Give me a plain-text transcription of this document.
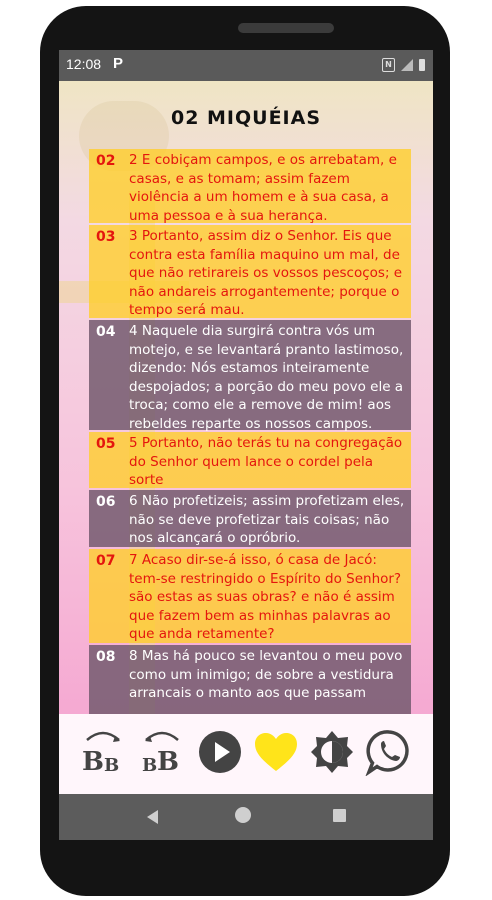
12:08 P	N
02 MIQUÉIAS
02 2 E cobiçam campos, e os arrebatam, e casas, e as tomam; assim fazem violência a um homem e à sua casa, a uma pessoa e à sua herança.
03 3 Portanto, assim diz o Senhor. Eis que contra esta família maquino um mal, de que não retirareis os vossos pescoços; e não andareis arrogantemente; porque o tempo será mau.
04 4 Naquele dia surgirá contra vós um motejo, e se levantará pranto lastimoso, dizendo: Nós estamos inteiramente despojados; a porção do meu povo ele a troca; como ele a remove de mim! aos rebeldes reparte os nossos campos.
05 5 Portanto, não terás tu na congregação do Senhor quem lance o cordel pela sorte
06 6 Não profetizeis; assim profetizam eles, não se deve profetizar tais coisas; não nos alcançará o opróbrio.
07 7 Acaso dir-se-á isso, ó casa de Jacó: tem-se restringido o Espírito do Senhor? são estas as suas obras? e não é assim que fazem bem as minhas palavras ao que anda retamente?
08 8 Mas há pouco se levantou o meu povo como um inimigo; de sobre a vestidura arrancais o manto aos que passam
B B B B
